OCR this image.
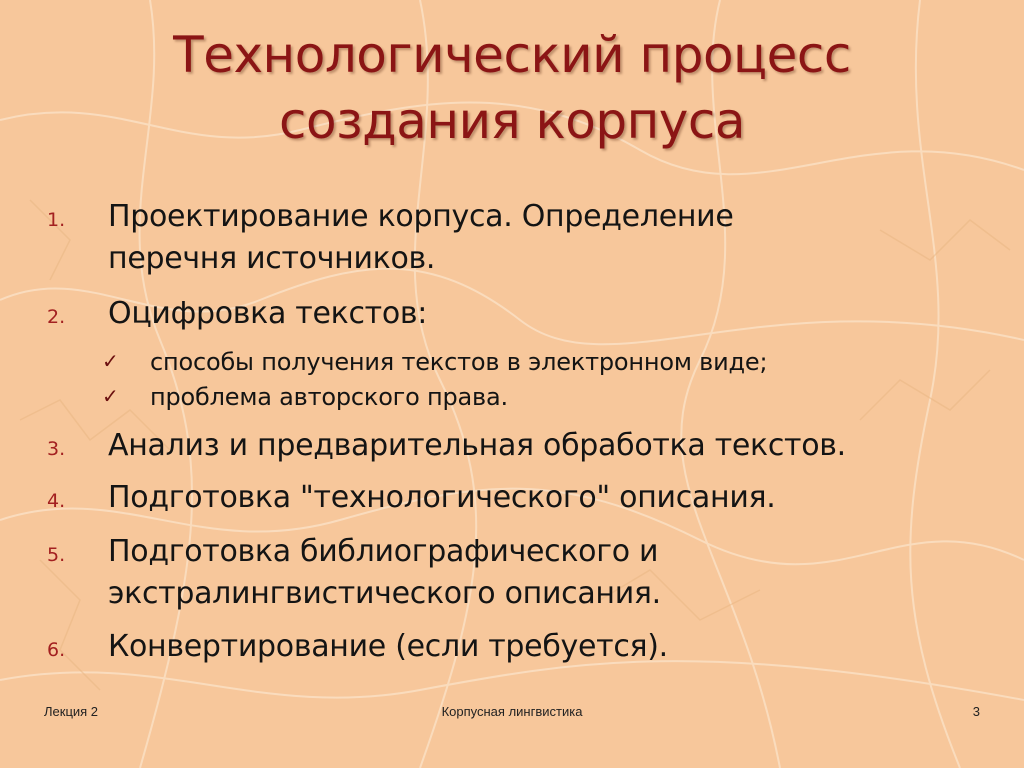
Технологический процесс
создания корпуса
1.	Проектирование корпуса. Определение
перечня источников.
2.	Оцифровка текстов:
✓ способы получения текстов в электронном виде;
✓ проблема авторского права.
3.	Анализ и предварительная обработка текстов.
4.	Подготовка "технологического" описания.
5.	Подготовка библиографического и
экстралингвистического описания.
6.	Конвертирование (если требуется).
Лекция 2	Корпусная лингвистика	3
